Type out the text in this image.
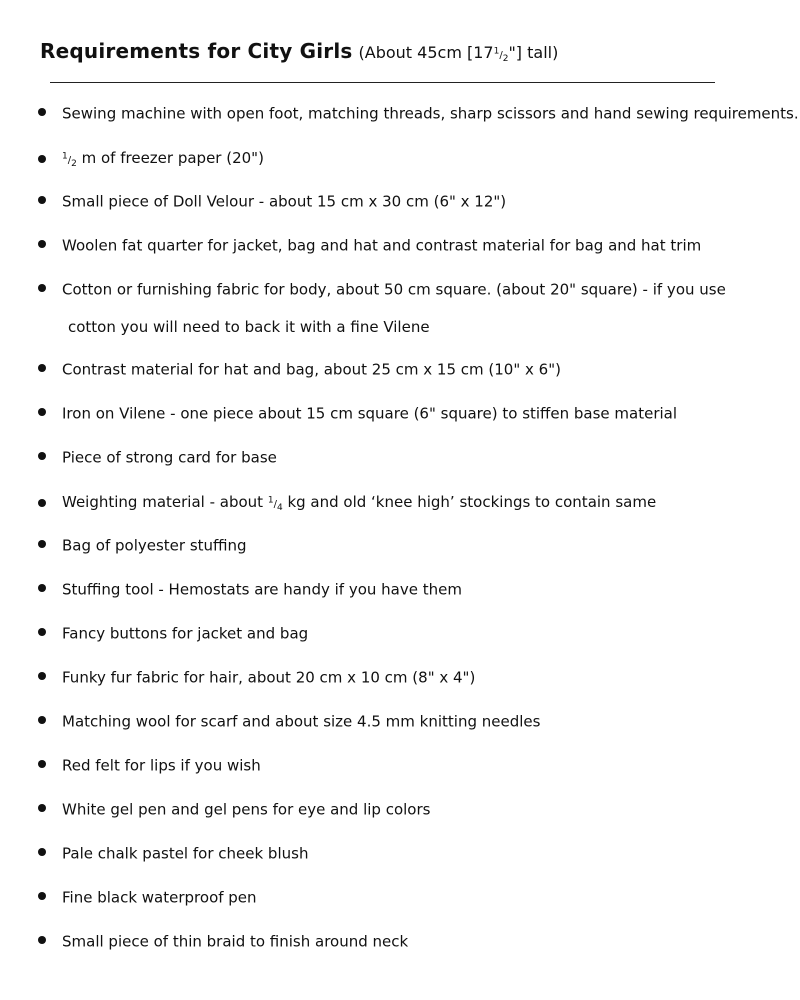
Requirements for City Girls (About 45cm $[17^1/_2"]$ tall)
Sewing machine with open foot, matching threads, sharp scissors and hand sewing requirements.
$^1/_2$ m of freezer paper (20")
Small piece of Doll Velour - about 15 cm x 30 cm (6" x 12")
Woolen fat quarter for jacket, bag and hat and contrast material for bag and hat trim
Cotton or furnishing fabric for body, about 50 cm square. (about 20" square) - if you use
cotton you will need to back it with a fine Vilene
Contrast material for hat and bag, about 25 cm x 15 cm (10" x 6")
Iron on Vilene - one piece about 15 cm square (6" square) to stiffen base material
Piece of strong card for base
Weighting material - about $^1/_4$ kg and old ‘knee high’ stockings to contain same
Bag of polyester stuffing
Stuffing tool - Hemostats are handy if you have them
Fancy buttons for jacket and bag
Funky fur fabric for hair, about 20 cm x 10 cm (8" x 4")
Matching wool for scarf and about size 4.5 mm knitting needles
Red felt for lips if you wish
White gel pen and gel pens for eye and lip colors
Pale chalk pastel for cheek blush
Fine black waterproof pen
Small piece of thin braid to finish around neck
